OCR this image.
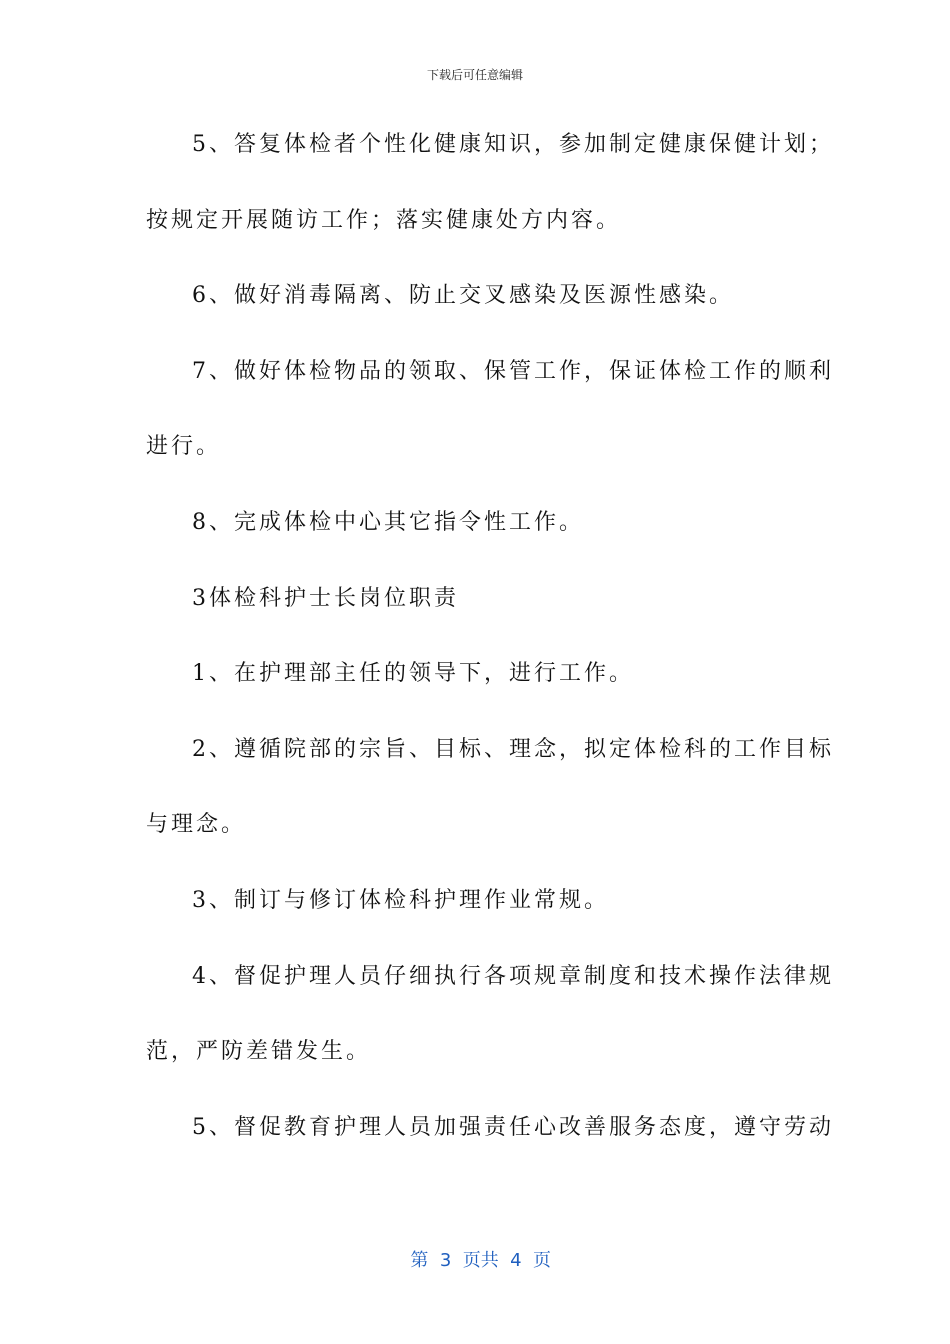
下载后可任意编辑
5、答复体检者个性化健康知识，参加制定健康保健计划；
按规定开展随访工作；落实健康处方内容。
6、做好消毒隔离、防止交叉感染及医源性感染。
7、做好体检物品的领取、保管工作，保证体检工作的顺利
进行。
8、完成体检中心其它指令性工作。
3体检科护士长岗位职责
1、在护理部主任的领导下，进行工作。
2、遵循院部的宗旨、目标、理念，拟定体检科的工作目标
与理念。
3、制订与修订体检科护理作业常规。
4、督促护理人员仔细执行各项规章制度和技术操作法律规
范，严防差错发生。
5、督促教育护理人员加强责任心改善服务态度，遵守劳动

第  3  页共  4  页
